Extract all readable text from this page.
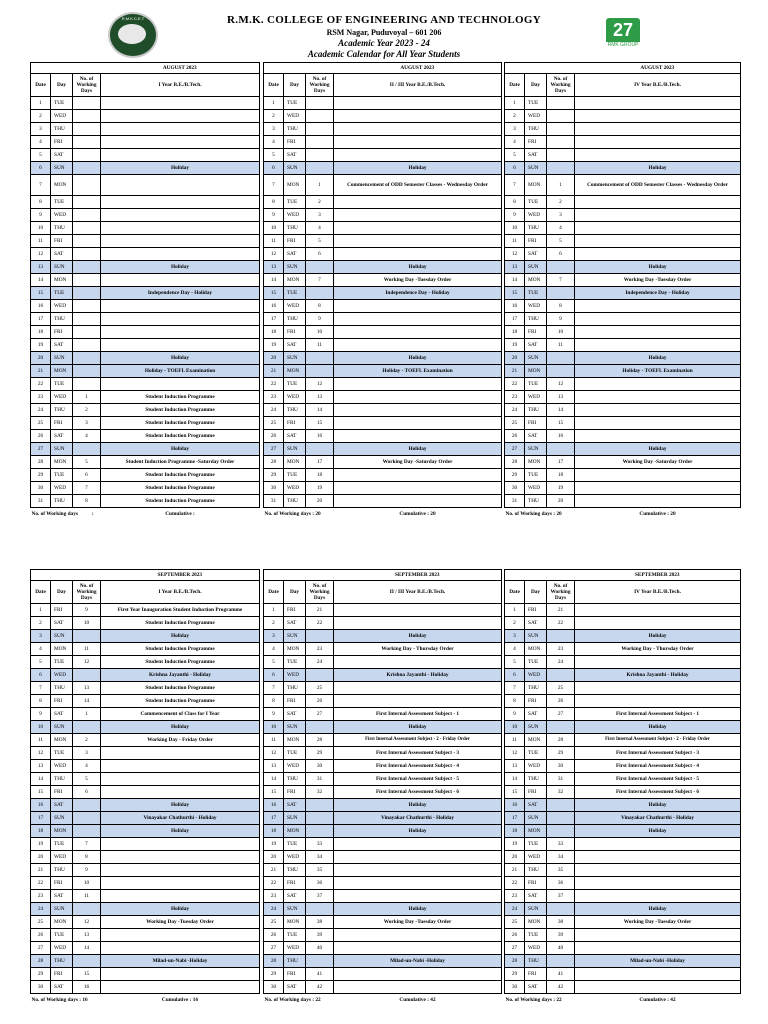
R.M.K.C.E.T	R.M.K. COLLEGE OF ENGINEERING AND TECHNOLOGY
RSM Nagar, Puduvoyal – 601 206
Academic Year 2023 - 24
Academic Calendar for All Year Students
27
RMK GROUP
			AUGUST 2023
Date	Day	No. of Working Days	I Year B.E./B.Tech.
1	TUE		
2	WED		
3	THU		
4	FRI		
5	SAT		
6	SUN		Holiday
7	MON		
8	TUE		
9	WED		
10	THU		
11	FRI		
12	SAT		
13	SUN		Holiday
14	MON		
15	TUE		Independence Day - Holiday
16	WED		
17	THU		
18	FRI		
19	SAT		
20	SUN		Holiday
21	MON		Holiday - TOEFL Examination
22	TUE		
23	WED	1	Student Induction Programme
24	THU	2	Student Induction Programme
25	FRI	3	Student Induction Programme
26	SAT	4	Student Induction Programme
27	SUN		Holiday
28	MON	5	Student Induction Programme -Saturday Order
29	TUE	6	Student Induction Programme
30	WED	7	Student Induction Programme
31	THU	8	Student Induction Programme
No. of Working days :			Cumulative :
			AUGUST 2023
Date	Day	No. of Working Days	II / III Year B.E./B.Tech.
1	TUE		
2	WED		
3	THU		
4	FRI		
5	SAT		
6	SUN		Holiday
7	MON	1	Commencement of ODD Semester Classes - Wednesday Order
8	TUE	2	
9	WED	3	
10	THU	4	
11	FRI	5	
12	SAT	6	
13	SUN		Holiday
14	MON	7	Working Day -Tuesday Order
15	TUE		Independence Day - Holiday
16	WED	8	
17	THU	9	
18	FRI	10	
19	SAT	11	
20	SUN		Holiday
21	MON		Holiday - TOEFL Examination
22	TUE	12	
23	WED	13	
24	THU	14	
25	FRI	15	
26	SAT	16	
27	SUN		Holiday
28	MON	17	Working Day -Saturday Order
29	TUE	18	
30	WED	19	
31	THU	20	
No. of Working days : 20			Cumulative : 20
			AUGUST 2023
Date	Day	No. of Working Days	IV Year B.E./B.Tech.
1	TUE		
2	WED		
3	THU		
4	FRI		
5	SAT		
6	SUN		Holiday
7	MON	1	Commencement of ODD Semester Classes - Wednesday Order
8	TUE	2	
9	WED	3	
10	THU	4	
11	FRI	5	
12	SAT	6	
13	SUN		Holiday
14	MON	7	Working Day -Tuesday Order
15	TUE		Independence Day - Holiday
16	WED	8	
17	THU	9	
18	FRI	10	
19	SAT	11	
20	SUN		Holiday
21	MON		Holiday - TOEFL Examination
22	TUE	12	
23	WED	13	
24	THU	14	
25	FRI	15	
26	SAT	16	
27	SUN		Holiday
28	MON	17	Working Day -Saturday Order
29	TUE	18	
30	WED	19	
31	THU	20	
No. of Working days : 20			Cumulative : 20
			SEPTEMBER 2023
Date	Day	No. of Working Days	I Year B.E./B.Tech.
1	FRI	9	First Year Inauguration Student Induction Programme
2	SAT	10	Student Induction Programme
3	SUN		Holiday
4	MON	11	Student Induction Programme
5	TUE	12	Student Induction Programme
6	WED		Krishna Jayanthi - Holiday
7	THU	13	Student Induction Programme
8	FRI	14	Student Induction Programme
9	SAT	1	Commencement of Class for I Year
10	SUN		Holiday
11	MON	2	Working Day - Friday Order
12	TUE	3	
13	WED	4	
14	THU	5	
15	FRI	6	
16	SAT		Holiday
17	SUN		Vinayakar Chathurthi - Holiday
18	MON		Holiday
19	TUE	7	
20	WED	8	
21	THU	9	
22	FRI	10	
23	SAT	11	
24	SUN		Holiday
25	MON	12	Working Day -Tuesday Order
26	TUE	13	
27	WED	14	
28	THU		Milad-un-Nabi -Holiday
29	FRI	15	
30	SAT	16	
No. of Working days : 16			Cumulative : 16
			SEPTEMBER 2023
Date	Day	No. of Working Days	II / III Year B.E./B.Tech.
1	FRI	21	
2	SAT	22	
3	SUN		Holiday
4	MON	23	Working Day - Thursday Order
5	TUE	24	
6	WED		Krishna Jayanthi - Holiday
7	THU	25	
8	FRI	26	
9	SAT	27	First Internal Assessment Subject - 1
10	SUN		Holiday
11	MON	28	First Internal Assessment Subject - 2 - Friday Order
12	TUE	29	First Internal Assessment Subject - 3
13	WED	30	First Internal Assessment Subject - 4
14	THU	31	First Internal Assessment Subject - 5
15	FRI	32	First Internal Assessment Subject - 6
16	SAT		Holiday
17	SUN		Vinayakar Chathurthi - Holiday
18	MON		Holiday
19	TUE	33	
20	WED	34	
21	THU	35	
22	FRI	36	
23	SAT	37	
24	SUN		Holiday
25	MON	38	Working Day -Tuesday Order
26	TUE	39	
27	WED	40	
28	THU		Milad-un-Nabi -Holiday
29	FRI	41	
30	SAT	42	
No. of Working days : 22			Cumulative : 42
			SEPTEMBER 2023
Date	Day	No. of Working Days	IV Year B.E./B.Tech.
1	FRI	21	
2	SAT	22	
3	SUN		Holiday
4	MON	23	Working Day - Thursday Order
5	TUE	24	
6	WED		Krishna Jayanthi - Holiday
7	THU	25	
8	FRI	26	
9	SAT	27	First Internal Assessment Subject - 1
10	SUN		Holiday
11	MON	28	First Internal Assessment Subject - 2 - Friday Order
12	TUE	29	First Internal Assessment Subject - 3
13	WED	30	First Internal Assessment Subject - 4
14	THU	31	First Internal Assessment Subject - 5
15	FRI	32	First Internal Assessment Subject - 6
16	SAT		Holiday
17	SUN		Vinayakar Chathurthi - Holiday
18	MON		Holiday
19	TUE	33	
20	WED	34	
21	THU	35	
22	FRI	36	
23	SAT	37	
24	SUN		Holiday
25	MON	38	Working Day -Tuesday Order
26	TUE	39	
27	WED	40	
28	THU		Milad-un-Nabi -Holiday
29	FRI	41	
30	SAT	42	
No. of Working days : 22			Cumulative : 42
